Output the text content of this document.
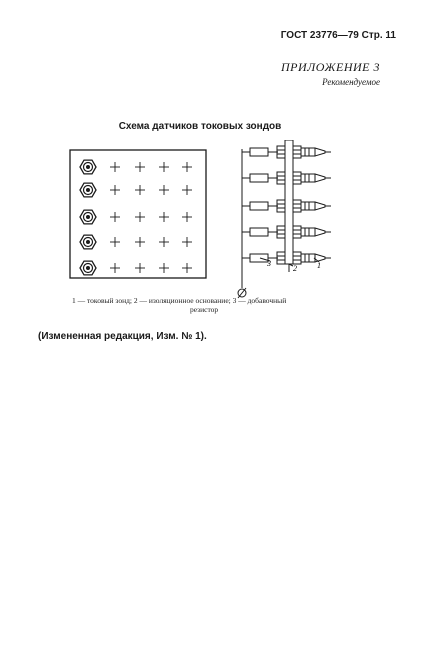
ГОСТ 23776—79 Стр. 11
ПРИЛОЖЕНИЕ 3
Рекомендуемое
Схема датчиков токовых зондов
3
2	1
1 — токовый зонд; 2 — изоляционное основание; 3 — добавочный
резистор
(Измененная редакция, Изм. № 1).
